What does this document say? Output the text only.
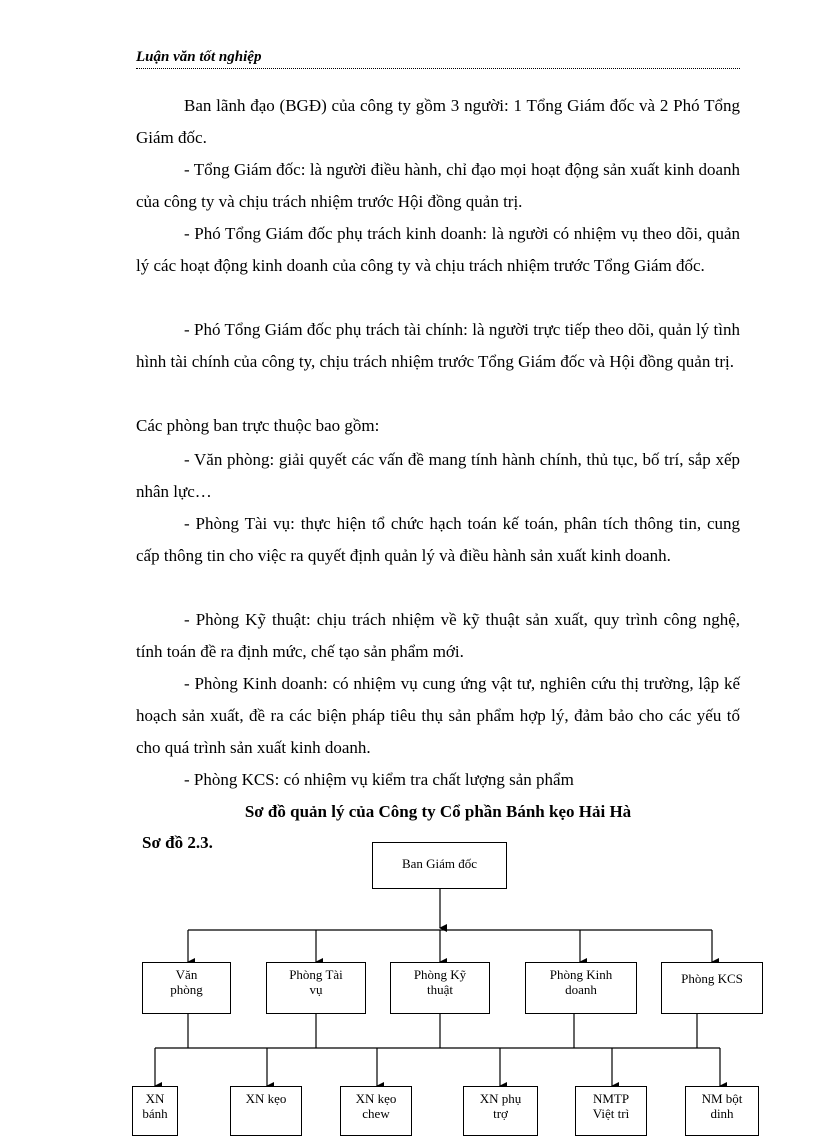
Luận văn tốt nghiệp

Ban lãnh đạo (BGĐ) của công ty gồm 3 người: 1 Tổng Giám đốc và 2 Phó Tổng Giám đốc.

- Tổng Giám đốc: là người điều hành, chỉ đạo mọi hoạt động sản xuất kinh doanh của công ty và chịu trách nhiệm trước Hội đồng quản trị.

- Phó Tổng Giám đốc phụ trách kinh doanh: là người có nhiệm vụ theo dõi, quản lý các hoạt động kinh doanh của công ty và chịu trách nhiệm trước Tổng Giám đốc.

- Phó Tổng Giám đốc phụ trách tài chính: là người trực tiếp theo dõi, quản lý tình hình tài chính của công ty, chịu trách nhiệm trước Tổng Giám đốc và Hội đồng quản trị.

Các phòng ban trực thuộc bao gồm:

- Văn phòng: giải quyết các vấn đề mang tính hành chính, thủ tục, bố trí, sắp xếp nhân lực…

- Phòng Tài vụ: thực hiện tổ chức hạch toán kế toán, phân tích thông tin, cung cấp thông tin cho việc ra quyết định quản lý và điều hành sản xuất kinh doanh.

- Phòng Kỹ thuật: chịu trách nhiệm về kỹ thuật sản xuất, quy trình công nghệ, tính toán đề ra định mức, chế tạo sản phẩm mới.

- Phòng Kinh doanh: có nhiệm vụ cung ứng vật tư, nghiên cứu thị trường, lập kế hoạch sản xuất, đề ra các biện pháp tiêu thụ sản phẩm hợp lý, đảm bảo cho các yếu tố cho quá trình sản xuất kinh doanh.

- Phòng KCS: có nhiệm vụ kiểm tra chất lượng sản phẩm

Sơ đồ quản lý của Công ty Cổ phần Bánh kẹo Hải Hà

Sơ đồ 2.3.

Ban Giám đốc
Văn
phòng
Phòng Tài
vụ
Phòng Kỹ
thuật
Phòng Kinh
doanh
Phòng KCS
XN
bánh
XN kẹo	XN kẹo
chew
XN phụ
trợ
NMTP
Việt trì
NM bột
dinh
